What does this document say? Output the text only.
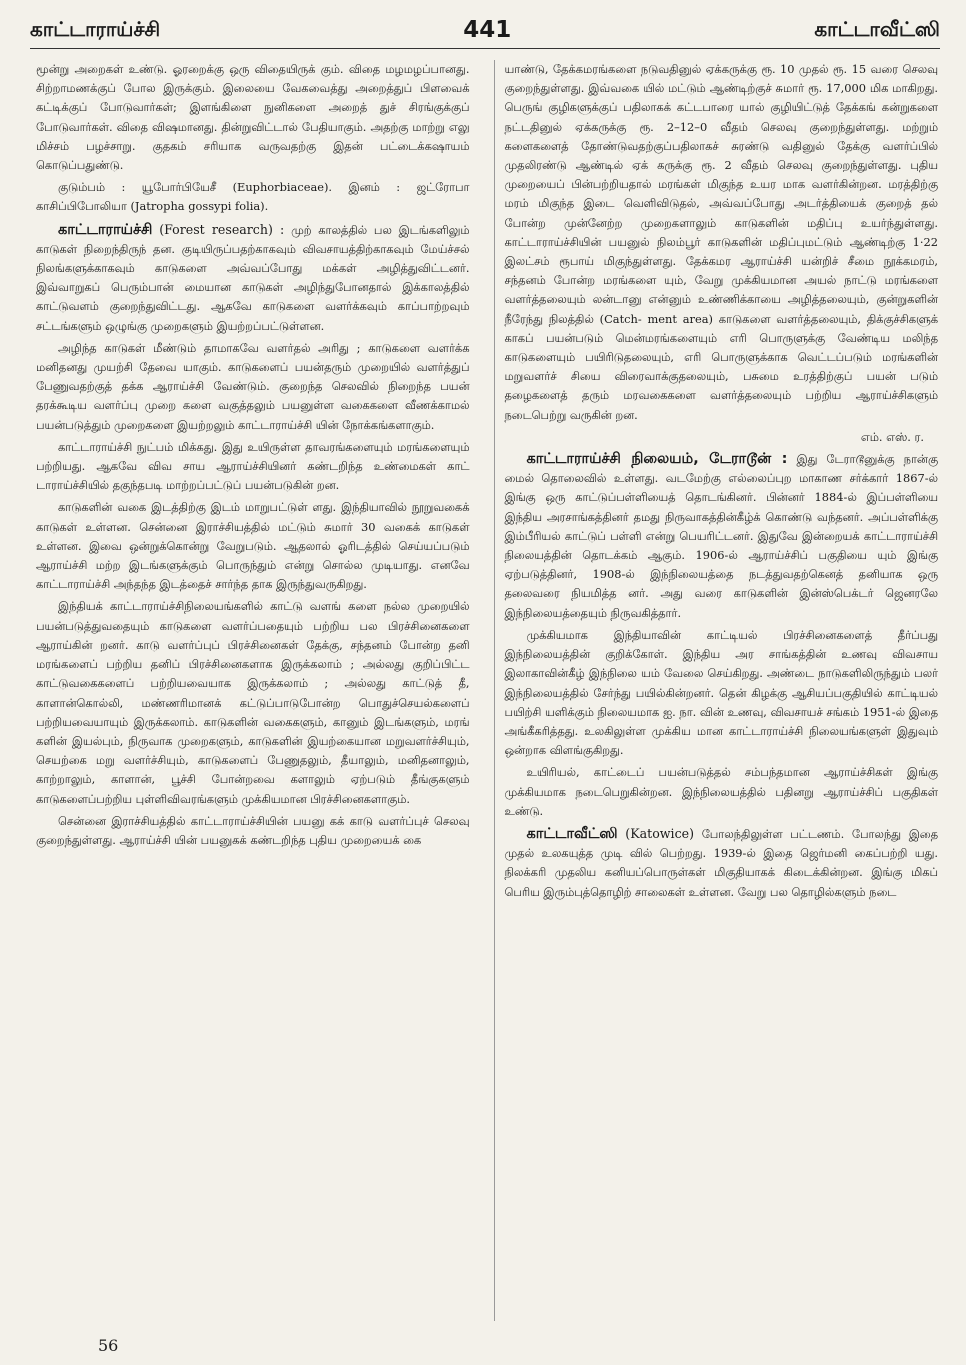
காட்டாராய்ச்சி	441	காட்டாவீட்ஸி

மூன்று அறைகள் உண்டு. ஓரறைக்கு ஒரு விதையிருக் கும். விதை மழமழப்பானது. சிற்றாமணக்குப் போல இருக்கும். இலையை வேகவைத்து அறைத்துப் பிளவைக் கட்டிக்குப் போடுவார்கள்; இளங்கிளை நுனிகளை அறைத் துச் சிரங்குக்குப் போடுவார்கள். விதை விஷமானது. தின்றுவிட்டால் பேதியாகும். அதற்கு மாற்று எலு மிச்சம் பழச்சாறு. குதகம் சரியாக வருவதற்கு இதன் பட்டைக்கஷாயம் கொடுப்பதுண்டு.

குடும்பம் : யூபோர்பியேசீ (Euphorbiaceae). இனம் : ஜட்ரோபா காசிப்பிபோலியா (Jatropha gossypi folia).

காட்டாராய்ச்சி (Forest research) : முற் காலத்தில் பல இடங்களிலும் காடுகள் நிறைந்திருந் தன. குடியிருப்பதற்காகவும் விவசாயத்திற்காகவும் மேய்ச்சல் நிலங்களுக்காகவும் காடுகளை அவ்வப்போது மக்கள் அழித்துவிட்டனர். இவ்வாறுகப் பெரும்பான் மையான காடுகள் அழிந்துபோனதால் இக்காலத்தில் காட்டுவளம் குறைந்துவிட்டது. ஆகவே காடுகளை வளர்க்கவும் காப்பாற்றவும் சட்டங்களும் ஒழுங்கு முறைகளும் இயற்றப்பட்டுள்ளன.

அழிந்த காடுகள் மீண்டும் தாமாகவே வளர்தல் அரிது ; காடுகளை வளர்க்க மனிதனது முயற்சி தேவை யாகும். காடுகளைப் பயன்தரும் முறையில் வளர்த்துப் பேணுவதற்குத் தக்க ஆராய்ச்சி வேண்டும். குறைந்த செலவில் நிறைந்த பயன் தரக்கூடிய வளர்ப்பு முறை களை வகுத்தலும் பயனுள்ள வகைகளை வீணக்காமல் பயன்படுத்தும் முறைகளை இயற்றலும் காட்டாராய்ச்சி யின் நோக்கங்களாகும்.

காட்டாராய்ச்சி நுட்பம் மிக்கது. இது உயிருள்ள தாவரங்களையும் மரங்களையும் பற்றியது. ஆகவே விவ சாய ஆராய்ச்சியினர் கண்டறிந்த உண்மைகள் காட் டாராய்ச்சியில் தகுந்தபடி மாற்றப்பட்டுப் பயன்படுகின் றன.

காடுகளின் வகை இடத்திற்கு இடம் மாறுபட்டுள் ளது. இந்தியாவில் நூறுவகைக் காடுகள் உள்ளன. சென்னை இராச்சியத்தில் மட்டும் சுமார் 30 வகைக் காடுகள் உள்ளன. இவை ஒன்றுக்கொன்று வேறுபடும். ஆதலால் ஓரிடத்தில் செய்யப்படும் ஆராய்ச்சி மற்ற இடங்களுக்கும் பொருந்தும் என்று சொல்ல முடியாது. எனவே காட்டாராய்ச்சி அந்தந்த இடத்தைச் சார்ந்த தாக இருந்துவருகிறது.

இந்தியக் காட்டாராய்ச்சிநிலையங்களில் காட்டு வளங் களை நல்ல முறையில் பயன்படுத்துவதையும் காடுகளை வளர்ப்பதையும் பற்றிய பல பிரச்சினைகளை ஆராய்கின் றனர். காடு வளர்ப்புப் பிரச்சினைகள் தேக்கு, சந்தனம் போன்ற தனி மரங்களைப் பற்றிய தனிப் பிரச்சினைகளாக இருக்கலாம் ; அல்லது குறிப்பிட்ட காட்டுவகைகளைப் பற்றியவையாக இருக்கலாம் ; அல்லது காட்டுத் தீ, காளான்கொல்லி, மண்ணரிமானக் கட்டுப்பாடுபோன்ற பொதுச்செயல்களைப் பற்றியவையாயும் இருக்கலாம். காடுகளின் வகைகளும், கானும் இடங்களும், மரங் களின் இயல்பும், நிருவாக முறைகளும், காடுகளின் இயற்கையான மறுவளர்ச்சியும், செயற்கை மறு வளர்ச்சியும், காடுகளைப் பேணுதலும், தீயாலும், மனிதனாலும், காற்றாலும், காளான், பூச்சி போன்றவை களாலும் ஏற்படும் தீங்குகளும் காடுகளைப்பற்றிய புள்ளிவிவரங்களும் முக்கியமான பிரச்சினைகளாகும்.

சென்னை இராச்சியத்தில் காட்டாராய்ச்சியின் பயனு கக் காடு வளர்ப்புச் செலவு குறைந்துள்ளது. ஆராய்ச்சி யின் பயனுகக் கண்டறிந்த புதிய முறையைக் கை

யாண்டு, தேக்கமரங்களை நடுவதினுல் ஏக்கருக்கு ரூ. 10 முதல் ரூ. 15 வரை செலவு குறைந்துள்ளது. இவ்வகை யில் மட்டும் ஆண்டிற்குச் சுமார் ரூ. 17,000 மிக மாகிறது. பெருங் குழிகளுக்குப் பதிலாகக் கட்டபாரை யால் குழியிட்டுத் தேக்கங் கன்றுகளை நட்டதினுல் ஏக்கருக்கு ரூ. 2–12–0 வீதம் செலவு குறைந்துள்ளது. மற்றும் களைகளைத் தோண்டுவதற்குப்பதிலாகச் சுரண்டு வதினுல் தேக்கு வளர்ப்பில் முதலிரண்டு ஆண்டில் ஏக் கருக்கு ரூ. 2 வீதம் செலவு குறைந்துள்ளது. புதிய முறையைப் பின்பற்றியதால் மரங்கள் மிகுந்த உயர மாக வளர்கின்றன. மரத்திற்கு மரம் மிகுந்த இடை வெளிவிடுதல், அவ்வப்போது அடர்த்தியைக் குறைத் தல் போன்ற முன்னேற்ற முறைகளாலும் காடுகளின் மதிப்பு உயர்ந்துள்ளது. காட்டாராய்ச்சியின் பயனுல் நிலம்பூர் காடுகளின் மதிப்புமட்டும் ஆண்டிற்கு 1·22 இலட்சம் ரூபாய் மிகுந்துள்ளது. தேக்கமர ஆராய்ச்சி யன்றிச் சீமை நூக்கமரம், சந்தனம் போன்ற மரங்களை யும், வேறு முக்கியமான அயல் நாட்டு மரங்களை வளர்த்தலையும் லன்டானு என்னும் உண்ணிக்காயை அழித்தலையும், குன்றுகளின் நீரேந்து நிலத்தில் (Catch- ment area) காடுகளை வளர்த்தலையும், திக்குச்சிகளுக் காகப் பயன்படும் மென்மரங்களையும் எரி பொருளுக்கு வேண்டிய மலிந்த காடுகளையும் பயிரிடுதலையும், எரி பொருளுக்காக வெட்டப்படும் மரங்களின் மறுவளர்ச் சியை விரைவாக்குதலையும், பசுமை உரத்திற்குப் பயன் படும் தழைகளைத் தரும் மரவகைகளை வளர்த்தலையும் பற்றிய ஆராய்ச்சிகளும் நடைபெற்று வருகின் றன.

எம். எஸ். ர.

காட்டாராய்ச்சி நிலையம், டேராடூன் : இது டேராடூனுக்கு நான்கு மைல் தொலைவில் உள்ளது. வடமேற்கு எல்லைப்புற மாகாண சர்க்கார் 1867-ல் இங்கு ஒரு காட்டுப்பள்ளியைத் தொடங்கினர். பின்னர் 1884-ல் இப்பள்ளியை இந்திய அரசாங்கத்தினர் தமது நிருவாகத்தின்கீழ்க் கொண்டு வந்தனர். அப்பள்ளிக்கு இம்பீரியல் காட்டுப் பள்ளி என்று பெயரிட்டனர். இதுவே இன்றையக் காட்டாராய்ச்சி நிலையத்தின் தொடக்கம் ஆகும். 1906-ல் ஆராய்ச்சிப் பகுதியை யும் இங்கு ஏற்படுத்தினர், 1908-ல் இந்நிலையத்தை நடத்துவதற்கெனத் தனியாக ஒரு தலைவரை நியமித்த னர். அது வரை காடுகளின் இன்ஸ்பெக்டர் ஜெனரலே இந்நிலையத்தையும் நிருவகித்தார்.

முக்கியமாக இந்தியாவின் காட்டியல் பிரச்சினைகளைத் தீர்ப்பது இந்நிலையத்தின் குறிக்கோள். இந்திய அர சாங்கத்தின் உணவு விவசாய இலாகாவின்கீழ் இந்நிலை யம் வேலை செய்கிறது. அண்டை நாடுகளிலிருந்தும் பலர் இந்நிலையத்தில் சேர்ந்து பயில்கின்றனர். தென் கிழக்கு ஆசியப்பகுதியில் காட்டியல் பயிற்சி யளிக்கும் நிலையமாக ஐ. நா. வின் உணவு, விவசாயச் சங்கம் 1951-ல் இதை அங்கீகரித்தது. உலகிலுள்ள முக்கிய மான காட்டாராய்ச்சி நிலையங்களுள் இதுவும் ஒன்றாக விளங்குகிறது.

உயிரியல், காட்டைப் பயன்படுத்தல் சம்பந்தமான ஆராய்ச்சிகள் இங்கு முக்கியமாக நடைபெறுகின்றன. இந்நிலையத்தில் பதினறு ஆராய்ச்சிப் பகுதிகள் உண்டு.

காட்டாவீட்ஸி (Katowice) போலந்திலுள்ள பட்டணம். போலந்து இதை முதல் உலகயுத்த முடி வில் பெற்றது. 1939-ல் இதை ஜெர்மனி கைப்பற்றி யது. நிலக்கரி முதலிய கனியப்பொருள்கள் மிகுதியாகக் கிடைக்கின்றன. இங்கு மிகப் பெரிய இரும்புத்தொழிற் சாலைகள் உள்ளன. வேறு பல தொழில்களும் நடை

56
